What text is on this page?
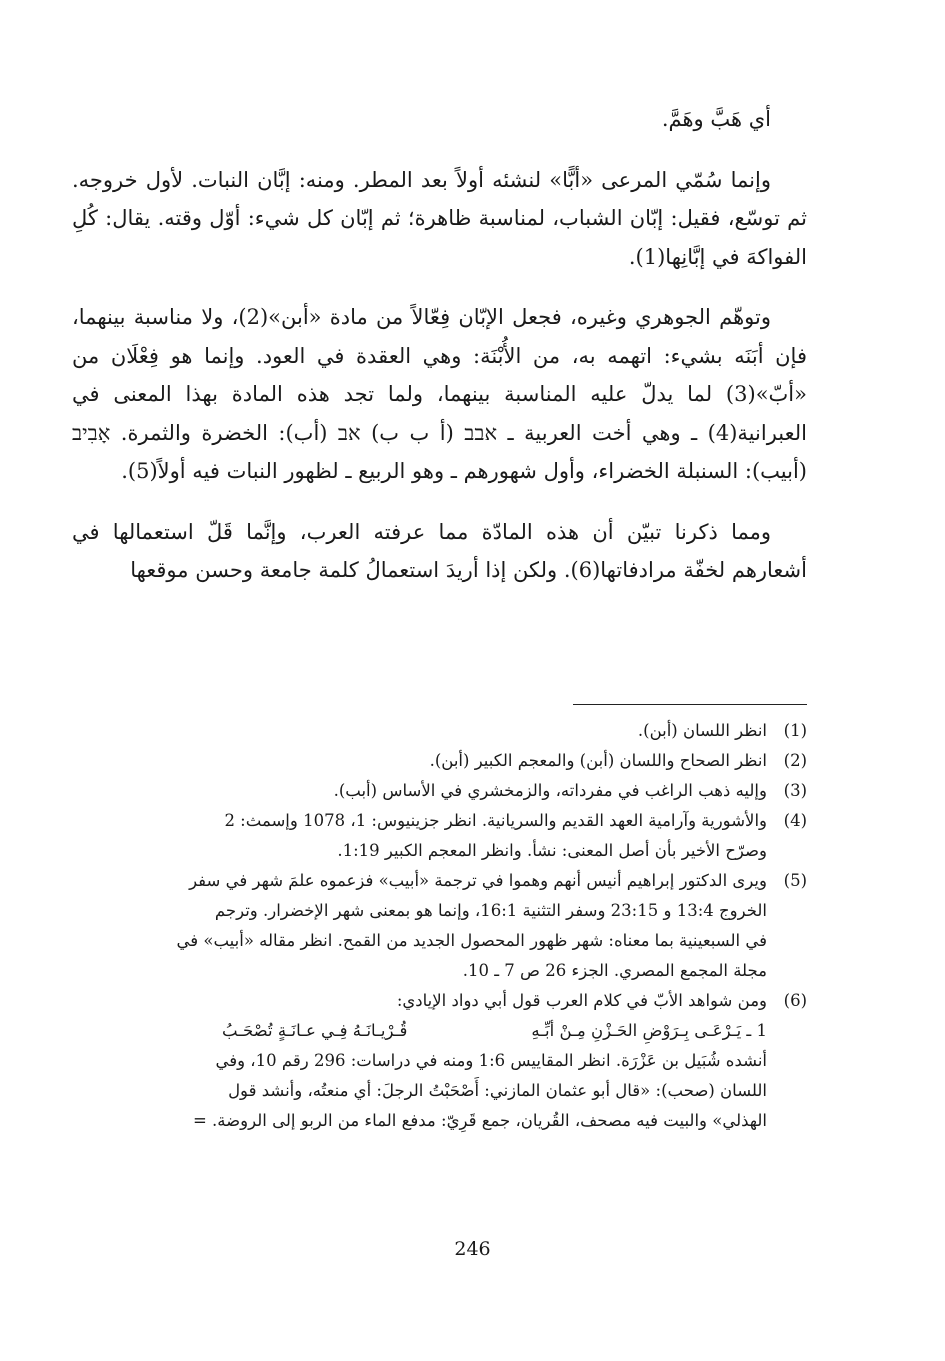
أي هَبَّ وهَمَّ.

وإنما سُمّي المرعى «أبًّا» لنشئه أولاً بعد المطر. ومنه: إبَّان النبات. لأول خروجه. ثم توسّع، فقيل: إبّان الشباب، لمناسبة ظاهرة؛ ثم إبّان كل شيء: أوّل وقته. يقال: كُلِ الفواكهَ في إبَّانِها(1).

وتوهّم الجوهري وغيره، فجعل الإبّان فِعّالاً من مادة «أبن»(2)، ولا مناسبة بينهما، فإن أبَنَه بشيء: اتهمه به، من الأُبْنَة: وهي العقدة في العود. وإنما هو فِعْلَان من «أبّ»(3) لما يدلّ عليه المناسبة بينهما، ولما تجد هذه المادة بهذا المعنى في العبرانية(4) ـ وهي أخت العربية ـ אבב (أ ب ب) אב (أب): الخضرة والثمرة. אָבִיב (أبيب): السنبلة الخضراء، وأول شهورهم ـ وهو الربيع ـ لظهور النبات فيه أولاً(5).

ومما ذكرنا تبيّن أن هذه المادّة مما عرفته العرب، وإنَّما قَلّ استعمالها في أشعارهم لخفّة مرادفاتها(6). ولكن إذا أريدَ استعمالُ كلمة جامعة وحسن موقعها

(1)
انظر اللسان (أبن).
(2)
انظر الصحاح واللسان (أبن) والمعجم الكبير (أبن).
(3)
وإليه ذهب الراغب في مفرداته، والزمخشري في الأساس (أبب).
(4)
والأشورية وآرامية العهد القديم والسريانية. انظر جزينيوس: 1، 1078 وإسمث: 2
وصرّح الأخير بأن أصل المعنى: نشأ. وانظر المعجم الكبير 1:19.
(5)
ويرى الدكتور إبراهيم أنيس أنهم وهموا في ترجمة «أبيب» فزعموه علمَ شهر في سفر
الخروج 13:4 و 23:15 وسفر التثنية 16:1، وإنما هو بمعنى شهر الإخضرار. وترجم
في السبعينية بما معناه: شهر ظهور المحصول الجديد من القمح. انظر مقاله «أبيب» في
مجلة المجمع المصري. الجزء 26 ص 7 ـ 10.
(6)
ومن شواهد الأبّ في كلام العرب قول أبي دواد الإيادي:
1 ـ يَـرْعَـى بِـرَوْضِ الحَـزْنِ مِـنْ أبِّـهِ
قُـرْيـانَـهُ فِـي عـانَـةٍ تُصْحَـبُ
أنشده شُبَيل بن عَزْرَة. انظر المقاييس 1:6 ومنه في دراسات: 296 رقم 10، وفي
اللسان (صحب): «قال أبو عثمان المازني: أَصْحَبْتُ الرجلَ: أي منعتُه، وأنشد قول
الهذلي» والبيت فيه مصحف، القُريان، جمع قَرِيّ: مدفع الماء من الربو إلى الروضة. =
246
